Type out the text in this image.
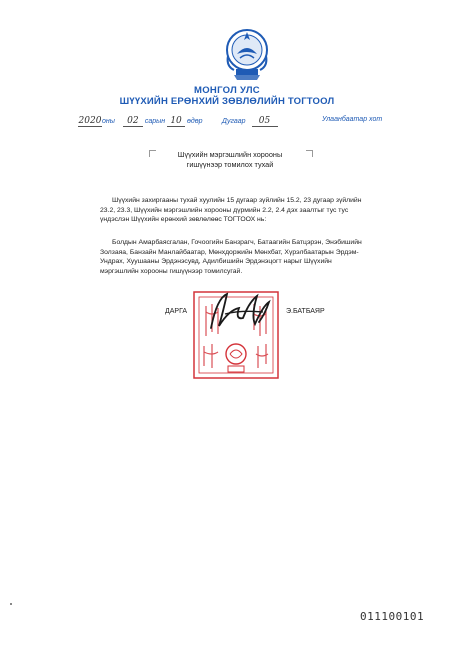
МОНГОЛ УЛС
ШҮҮХИЙН ЕРӨНХИЙ ЗӨВЛӨЛИЙН ТОГТООЛ
2020оны 02 сарын 10 өдөр	Дугаар 05	Улаанбаатар хот
Шүүхийн мэргэшлийн хорооны
гишүүнээр томилох тухай
Шүүхийн захиргааны тухай хуулийн 15 дугаар зүйлийн 15.2, 23 дугаар зүйлийн 23.2, 23.3, Шүүхийн мэргэшлийн хорооны дүрмийн 2.2, 2.4 дэх заалтыг тус тус үндэслэн Шүүхийн ерөнхий зөвлөлөөс ТОГТООХ нь:
Болдын Амарбаясгалан, Гочоогийн Банзрагч, Батаагийн Батцэрэн, Энэбишийн Золзаяа, Банзайн Манлайбаатар, Мөнхдоржийн Мөнхбат, Хүрэлбаатарын Эрдэм-Ундрах, Хуушааны Эрдэнэсувд, Адилбишийн Эрдэнэцогт нарыг Шүүхийн мэргэшлийн хорооны гишүүнээр томилсугай.
ДАРГА	Э.БАТБАЯР
011100101
